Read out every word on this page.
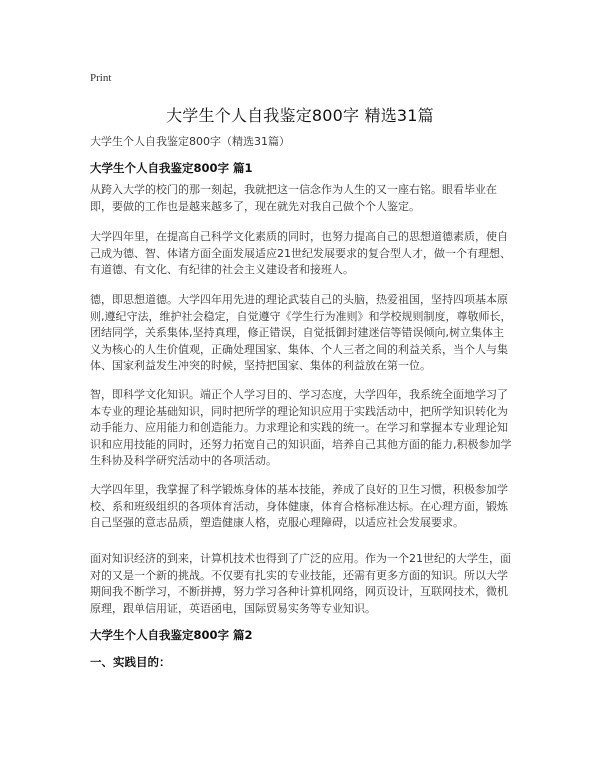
Print
大学生个人自我鉴定800字 精选31篇

大学生个人自我鉴定800字（精选31篇）

大学生个人自我鉴定800字 篇1

从跨入大学的校门的那一刻起，我就把这一信念作为人生的又一座右铭。眼看毕业在即，要做的工作也是越来越多了，现在就先对我自己做个个人鉴定。

大学四年里，在提高自己科学文化素质的同时，也努力提高自己的思想道德素质，使自己成为德、智、体诸方面全面发展适应21世纪发展要求的复合型人才，做一个有理想、有道德、有文化、有纪律的社会主义建设者和接班人。

德，即思想道德。大学四年用先进的理论武装自己的头脑，热爱祖国，坚持四项基本原则,遵纪守法，维护社会稳定，自觉遵守《学生行为准则》和学校规则制度，尊敬师长，团结同学，关系集体,坚持真理，修正错误，自觉抵御封建迷信等错误倾向,树立集体主义为核心的人生价值观，正确处理国家、集体、个人三者之间的利益关系，当个人与集体、国家利益发生冲突的时候，坚持把国家、集体的利益放在第一位。

智，即科学文化知识。端正个人学习目的、学习态度，大学四年，我系统全面地学习了本专业的理论基础知识，同时把所学的理论知识应用于实践活动中，把所学知识转化为动手能力、应用能力和创造能力。力求理论和实践的统一。在学习和掌握本专业理论知识和应用技能的同时，还努力拓宽自己的知识面，培养自己其他方面的能力,积极参加学生科协及科学研究活动中的各项活动。

大学四年里，我掌握了科学锻炼身体的基本技能，养成了良好的卫生习惯，积极参加学校、系和班级组织的各项体育活动，身体健康，体育合格标准达标。在心理方面，锻炼自己坚强的意志品质，塑造健康人格，克服心理障碍，以适应社会发展要求。

面对知识经济的到来，计算机技术也得到了广泛的应用。作为一个21世纪的大学生，面对的又是一个新的挑战。不仅要有扎实的专业技能，还需有更多方面的知识。所以大学期间我不断学习，不断拼搏，努力学习各种计算机网络，网页设计，互联网技术，微机原理，跟单信用证，英语函电，国际贸易实务等专业知识。

大学生个人自我鉴定800字 篇2
一、实践目的：
